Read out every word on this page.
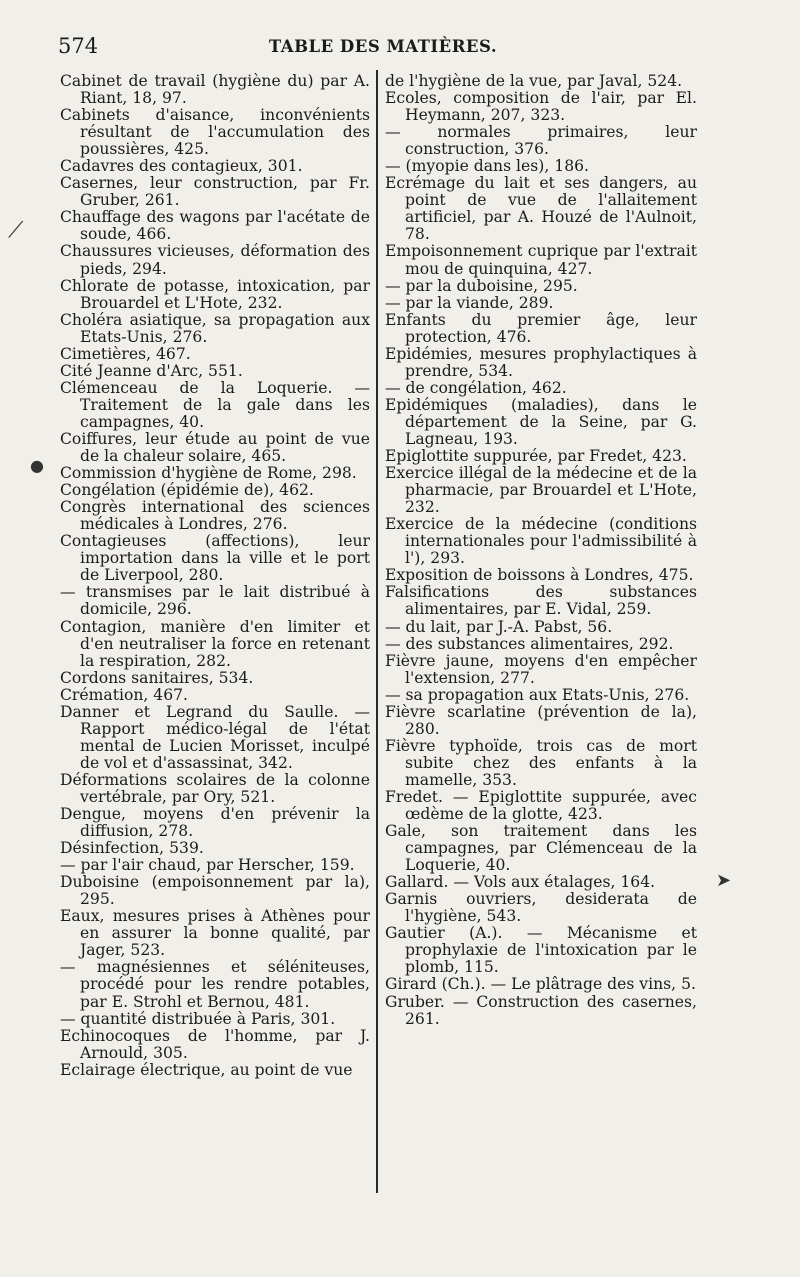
574	TABLE DES MATIÈRES.

Cabinet de travail (hygiène du) par A. Riant, 18, 97.

Cabinets d'aisance, inconvénients résultant de l'accumulation des poussières, 425.

Cadavres des contagieux, 301.

Casernes, leur construction, par Fr. Gruber, 261.

Chauffage des wagons par l'acétate de soude, 466.

Chaussures vicieuses, déformation des pieds, 294.

Chlorate de potasse, intoxication, par Brouardel et L'Hote, 232.

Choléra asiatique, sa propagation aux Etats-Unis, 276.

Cimetières, 467.

Cité Jeanne d'Arc, 551.

Clémenceau de la Loquerie. — Traitement de la gale dans les campagnes, 40.

Coiffures, leur étude au point de vue de la chaleur solaire, 465.

Commission d'hygiène de Rome, 298.

Congélation (épidémie de), 462.

Congrès international des sciences médicales à Londres, 276.

Contagieuses (affections), leur importation dans la ville et le port de Liverpool, 280.

— transmises par le lait distribué à domicile, 296.

Contagion, manière d'en limiter et d'en neutraliser la force en retenant la respiration, 282.

Cordons sanitaires, 534.

Crémation, 467.

Danner et Legrand du Saulle. — Rapport médico-légal de l'état mental de Lucien Morisset, inculpé de vol et d'assassinat, 342.

Déformations scolaires de la colonne vertébrale, par Ory, 521.

Dengue, moyens d'en prévenir la diffusion, 278.

Désinfection, 539.

— par l'air chaud, par Herscher, 159.

Duboisine (empoisonnement par la), 295.

Eaux, mesures prises à Athènes pour en assurer la bonne qualité, par Jager, 523.

— magnésiennes et séléniteuses, procédé pour les rendre potables, par E. Strohl et Bernou, 481.

— quantité distribuée à Paris, 301.

Echinocoques de l'homme, par J. Arnould, 305.

Eclairage électrique, au point de vue

de l'hygiène de la vue, par Javal, 524.

Ecoles, composition de l'air, par El. Heymann, 207, 323.

— normales primaires, leur construction, 376.

— (myopie dans les), 186.

Ecrémage du lait et ses dangers, au point de vue de l'allaitement artificiel, par A. Houzé de l'Aulnoit, 78.

Empoisonnement cuprique par l'extrait mou de quinquina, 427.

— par la duboisine, 295.

— par la viande, 289.

Enfants du premier âge, leur protection, 476.

Epidémies, mesures prophylactiques à prendre, 534.

— de congélation, 462.

Epidémiques (maladies), dans le département de la Seine, par G. Lagneau, 193.

Epiglottite suppurée, par Fredet, 423.

Exercice illégal de la médecine et de la pharmacie, par Brouardel et L'Hote, 232.

Exercice de la médecine (conditions internationales pour l'admissibilité à l'), 293.

Exposition de boissons à Londres, 475.

Falsifications des substances alimentaires, par E. Vidal, 259.

— du lait, par J.-A. Pabst, 56.

— des substances alimentaires, 292.

Fièvre jaune, moyens d'en empêcher l'extension, 277.

— sa propagation aux Etats-Unis, 276.

Fièvre scarlatine (prévention de la), 280.

Fièvre typhoïde, trois cas de mort subite chez des enfants à la mamelle, 353.

Fredet. — Epiglottite suppurée, avec œdème de la glotte, 423.

Gale, son traitement dans les campagnes, par Clémenceau de la Loquerie, 40.

Gallard. — Vols aux étalages, 164.

Garnis ouvriers, desiderata de l'hygiène, 543.

Gautier (A.). — Mécanisme et prophylaxie de l'intoxication par le plomb, 115.

Girard (Ch.). — Le plâtrage des vins, 5.

Gruber. — Construction des casernes, 261.

⟋
●
➤
